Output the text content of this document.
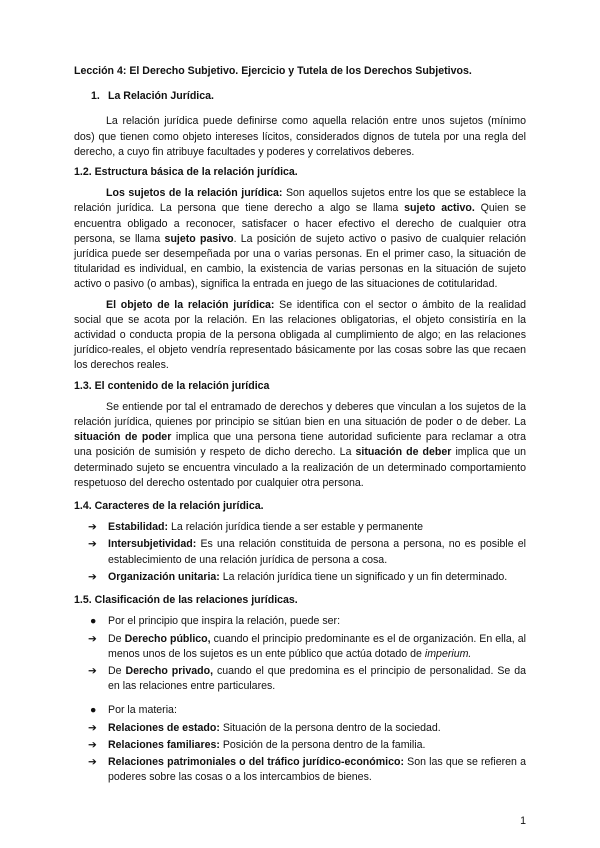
Lección 4: El Derecho Subjetivo. Ejercicio y Tutela de los Derechos Subjetivos.
1. La Relación Jurídica.

La relación jurídica puede definirse como aquella relación entre unos sujetos (mínimo dos) que tienen como objeto intereses lícitos, considerados dignos de tutela por una regla del derecho, a cuyo fin atribuye facultades y poderes y correlativos deberes.

1.2. Estructura básica de la relación jurídica.

Los sujetos de la relación jurídica: Son aquellos sujetos entre los que se establece la relación jurídica. La persona que tiene derecho a algo se llama sujeto activo. Quien se encuentra obligado a reconocer, satisfacer o hacer efectivo el derecho de cualquier otra persona, se llama sujeto pasivo. La posición de sujeto activo o pasivo de cualquier relación jurídica puede ser desempeñada por una o varias personas. En el primer caso, la situación de titularidad es individual, en cambio, la existencia de varias personas en la situación de sujeto activo o pasivo (o ambas), significa la entrada en juego de las situaciones de cotitularidad.

El objeto de la relación jurídica: Se identifica con el sector o ámbito de la realidad social que se acota por la relación. En las relaciones obligatorias, el objeto consistiría en la actividad o conducta propia de la persona obligada al cumplimiento de algo; en las relaciones jurídico-reales, el objeto vendría representado básicamente por las cosas sobre las que recaen los derechos reales.

1.3. El contenido de la relación jurídica

Se entiende por tal el entramado de derechos y deberes que vinculan a los sujetos de la relación jurídica, quienes por principio se sitúan bien en una situación de poder o de deber. La situación de poder implica que una persona tiene autoridad suficiente para reclamar a otra una posición de sumisión y respeto de dicho derecho. La situación de deber implica que un determinado sujeto se encuentra vinculado a la realización de un determinado comportamiento respetuoso del derecho ostentado por cualquier otra persona.

1.4. Caracteres de la relación jurídica.
➔ Estabilidad: La relación jurídica tiende a ser estable y permanente
➔ Intersubjetividad: Es una relación constituida de persona a persona, no es posible el establecimiento de una relación jurídica de persona a cosa.
➔ Organización unitaria: La relación jurídica tiene un significado y un fin determinado.
1.5. Clasificación de las relaciones jurídicas.
● Por el principio que inspira la relación, puede ser:
➔ De Derecho público, cuando el principio predominante es el de organización. En ella, al menos unos de los sujetos es un ente público que actúa dotado de imperium.
➔ De Derecho privado, cuando el que predomina es el principio de personalidad. Se da en las relaciones entre particulares.
● Por la materia:
➔ Relaciones de estado: Situación de la persona dentro de la sociedad.
➔ Relaciones familiares: Posición de la persona dentro de la familia.
➔ Relaciones patrimoniales o del tráfico jurídico-económico: Son las que se refieren a poderes sobre las cosas o a los intercambios de bienes.
1
